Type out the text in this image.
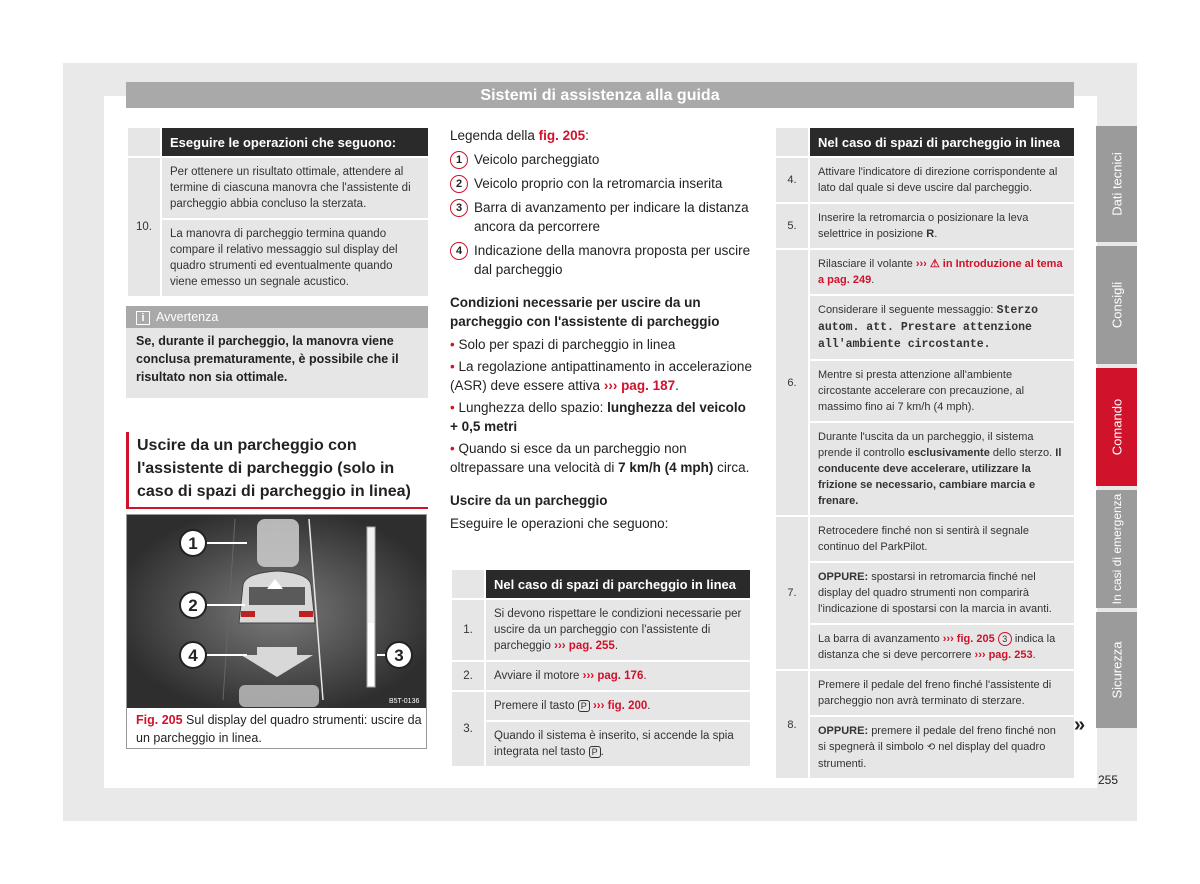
Sistemi di assistenza alla guida
Dati tecnici
Consigli
Comando
In casi di emergenza
Sicurezza
	Eseguire le operazioni che seguono:
10.	Per ottenere un risultato ottimale, attendere al termine di ciascuna manovra che l'assistente di parcheggio abbia concluso la sterzata.
	La manovra di parcheggio termina quando compare il relativo messaggio sul display del quadro strumenti ed eventualmente quando viene emesso un segnale acustico.
i Avvertenza
Se, durante il parcheggio, la manovra viene conclusa prematuramente, è possibile che il risultato non sia ottimale.
Uscire da un parcheggio con l'assistente di parcheggio (solo in caso di spazi di parcheggio in linea)
1
2
4	3
B5T-0136
Fig. 205 Sul display del quadro strumenti: uscire da un parcheggio in linea.

Legenda della fig. 205:

1 Veicolo parcheggiato
2 Veicolo proprio con la retromarcia inserita
3 Barra di avanzamento per indicare la distanza ancora da percorrere
4 Indicazione della manovra proposta per uscire dal parcheggio

Condizioni necessarie per uscire da un parcheggio con l'assistente di parcheggio

• Solo per spazi di parcheggio in linea

• La regolazione antipattinamento in accelerazione (ASR) deve essere attiva ››› pag. 187.

• Lunghezza dello spazio: lunghezza del veicolo + 0,5 metri

• Quando si esce da un parcheggio non oltrepassare una velocità di 7 km/h (4 mph) circa.

Uscire da un parcheggio

Eseguire le operazioni che seguono:

	Nel caso di spazi di parcheggio in linea
1.	Si devono rispettare le condizioni necessarie per uscire da un parcheggio con l'assistente di parcheggio ››› pag. 255.
2.	Avviare il motore ››› pag. 176.
3.	Premere il tasto P ››› fig. 200.
	Quando il sistema è inserito, si accende la spia integrata nel tasto P .
	Nel caso di spazi di parcheggio in linea
4.	Attivare l'indicatore di direzione corrispondente al lato dal quale si deve uscire dal parcheggio.
5.	Inserire la retromarcia o posizionare la leva selettrice in posizione R.
6.	Rilasciare il volante ››› ⚠ in Introduzione al tema a pag. 249.
	Considerare il seguente messaggio: Sterzo autom. att. Prestare attenzione all'ambiente circostante.
	Mentre si presta attenzione all'ambiente circostante accelerare con precauzione, al massimo fino ai 7 km/h (4 mph).
	Durante l'uscita da un parcheggio, il sistema prende il controllo esclusivamente dello sterzo. Il conducente deve accelerare, utilizzare la frizione se necessario, cambiare marcia e frenare.
7.	Retrocedere finché non si sentirà il segnale continuo del ParkPilot.
	OPPURE: spostarsi in retromarcia finché nel display del quadro strumenti non comparirà l'indicazione di spostarsi con la marcia in avanti.
	La barra di avanzamento ››› fig. 205 3 indica la distanza che si deve percorrere ››› pag. 253.
8.	Premere il pedale del freno finché l'assistente di parcheggio non avrà terminato di sterzare.
	OPPURE: premere il pedale del freno finché non si spegnerà il simbolo ⟲ nel display del quadro strumenti.
»
255
